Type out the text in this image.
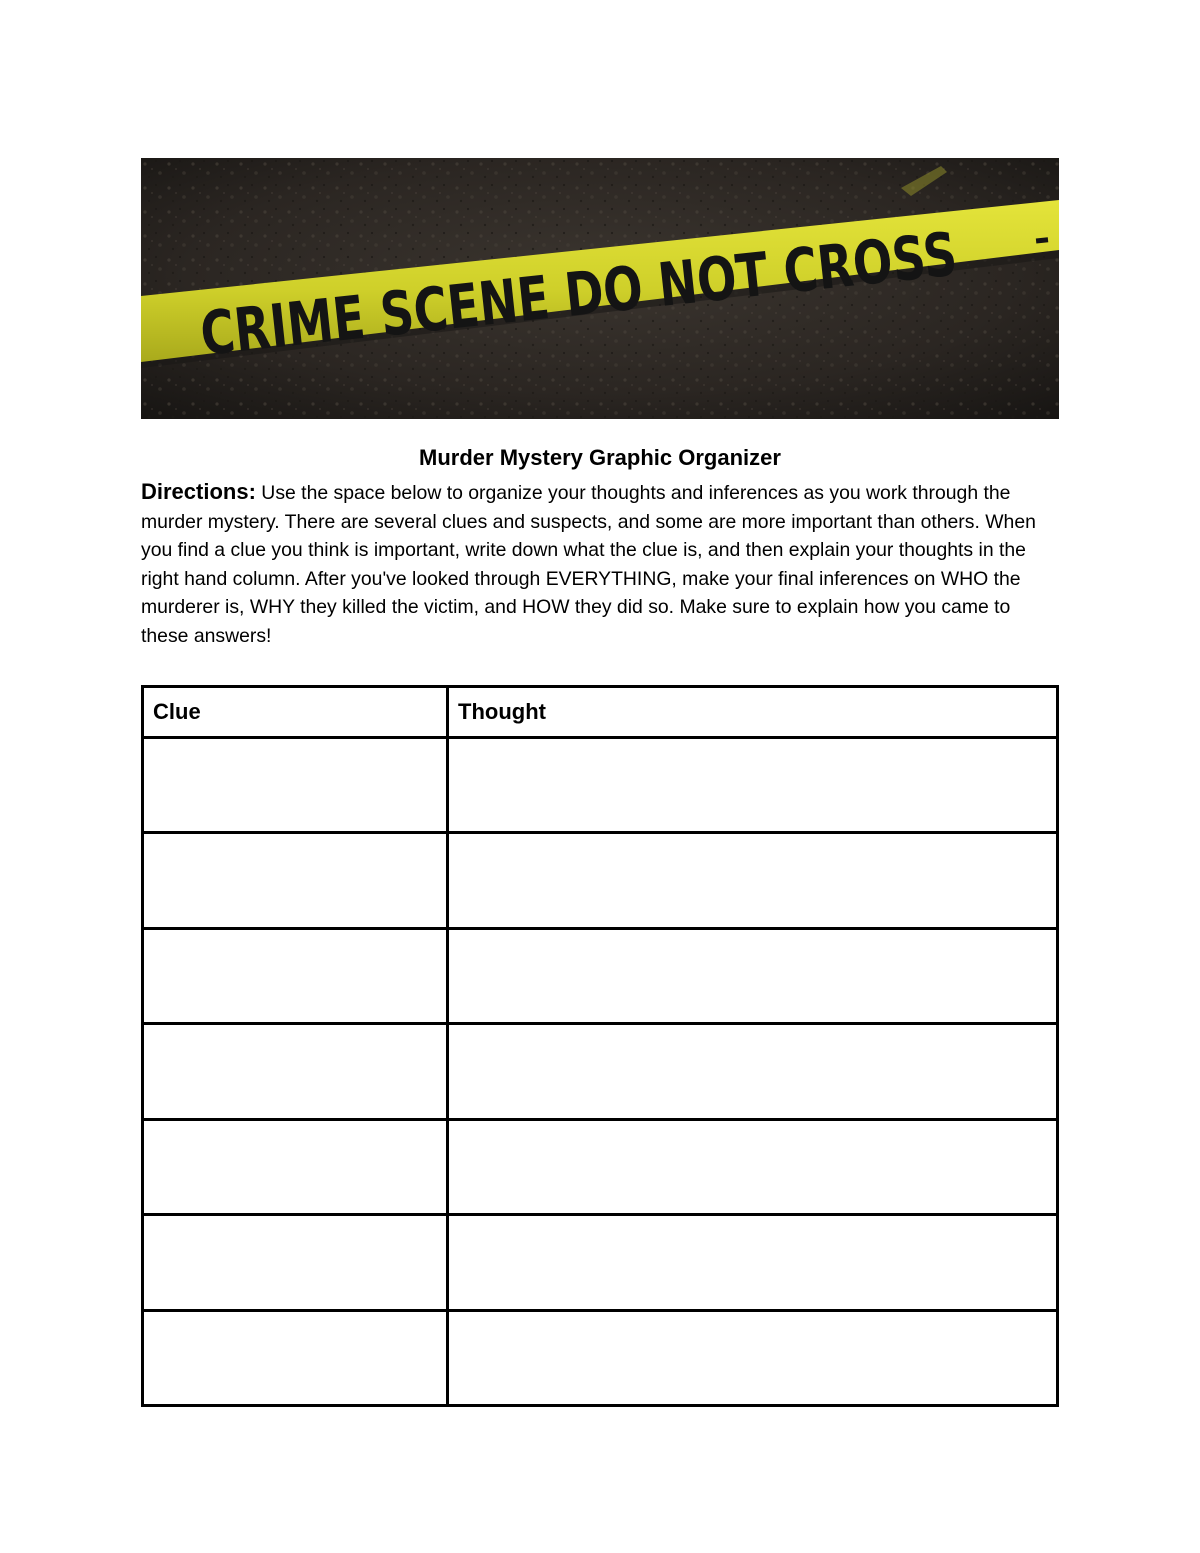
CRIME SCENE DO NOT CROSS
Murder Mystery Graphic Organizer
Directions: Use the space below to organize your thoughts and inferences as you work through the murder mystery. There are several clues and suspects, and some are more important than others. When you find a clue you think is important, write down what the clue is, and then explain your thoughts in the right hand column. After you've looked through EVERYTHING, make your final inferences on WHO the murderer is, WHY they killed the victim, and HOW they did so. Make sure to explain how you came to these answers!
Clue	Thought
